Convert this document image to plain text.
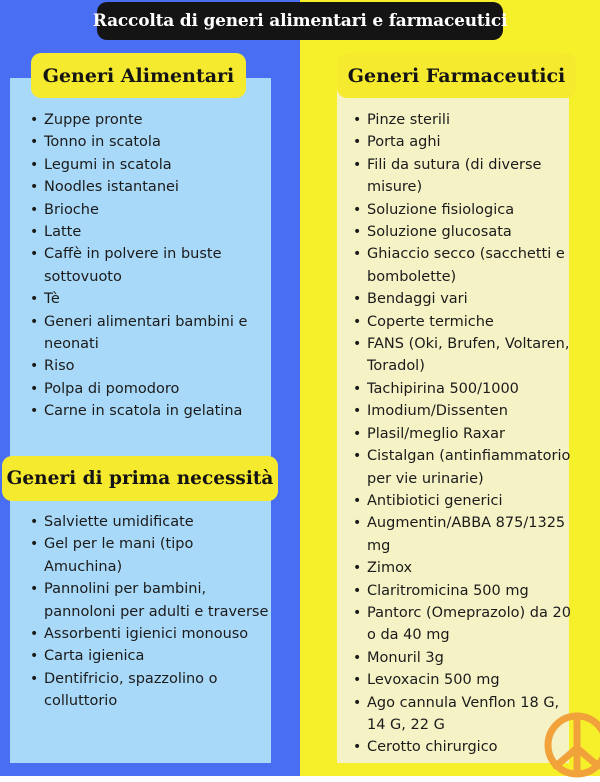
Raccolta di generi alimentari e farmaceutici
Generi Alimentari
• Zuppe pronte
• Tonno in scatola
• Legumi in scatola
• Noodles istantanei
• Brioche
• Latte
• Caffè in polvere in buste sottovuoto
• Tè
• Generi alimentari bambini e neonati
• Riso
• Polpa di pomodoro
• Carne in scatola in gelatina
Generi di prima necessità
• Salviette umidificate
• Gel per le mani (tipo Amuchina)
• Pannolini per bambini, pannoloni per adulti e traverse
• Assorbenti igienici monouso
• Carta igienica
• Dentifricio, spazzolino o colluttorio
Generi Farmaceutici
• Pinze sterili
• Porta aghi
• Fili da sutura (di diverse misure)
• Soluzione fisiologica
• Soluzione glucosata
• Ghiaccio secco (sacchetti e bombolette)
• Bendaggi vari
• Coperte termiche
• FANS (Oki, Brufen, Voltaren, Toradol)
• Tachipirina 500/1000
• Imodium/Dissenten
• Plasil/meglio Raxar
• Cistalgan (antinfiammatorio per vie urinarie)
• Antibiotici generici
• Augmentin/ABBA 875/1325 mg
• Zimox
• Claritromicina 500 mg
• Pantorc (Omeprazolo) da 20 o da 40 mg
• Monuril 3g
• Levoxacin 500 mg
• Ago cannula Venflon 18 G, 14 G, 22 G
• Cerotto chirurgico
